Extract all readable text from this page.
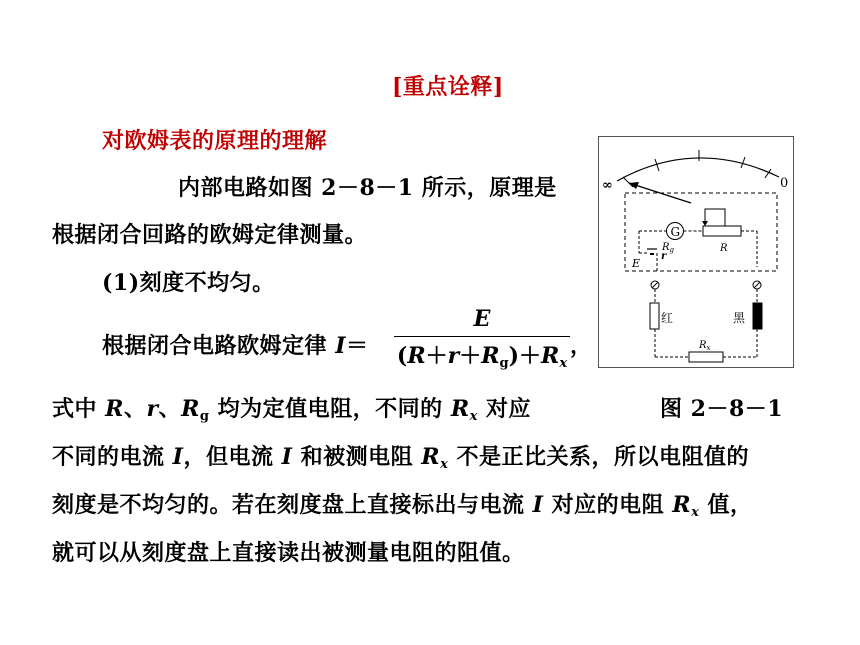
[重点诠释]
对欧姆表的原理的理解
内部电路如图 2－8－1 所示，原理是
根据闭合回路的欧姆定律测量。
(1)刻度不均匀。
根据闭合电路欧姆定律 I＝
E
$(R+r+R_g)+R_x$
，
式中 R、r、$R_g$ 均为定值电阻，不同的 $R_x$ 对应	图 2－8－1
不同的电流 I，但电流 I 和被测电阻 $R_x$ 不是正比关系，所以电阻值的
刻度是不均匀的。若在刻度盘上直接标出与电流 I 对应的电阻 $R_x$ 值，
就可以从刻度盘上直接读出被测量电阻的阻值。
∞	0
G
$R_g$	R
E
r
红	黑
$R_x$
